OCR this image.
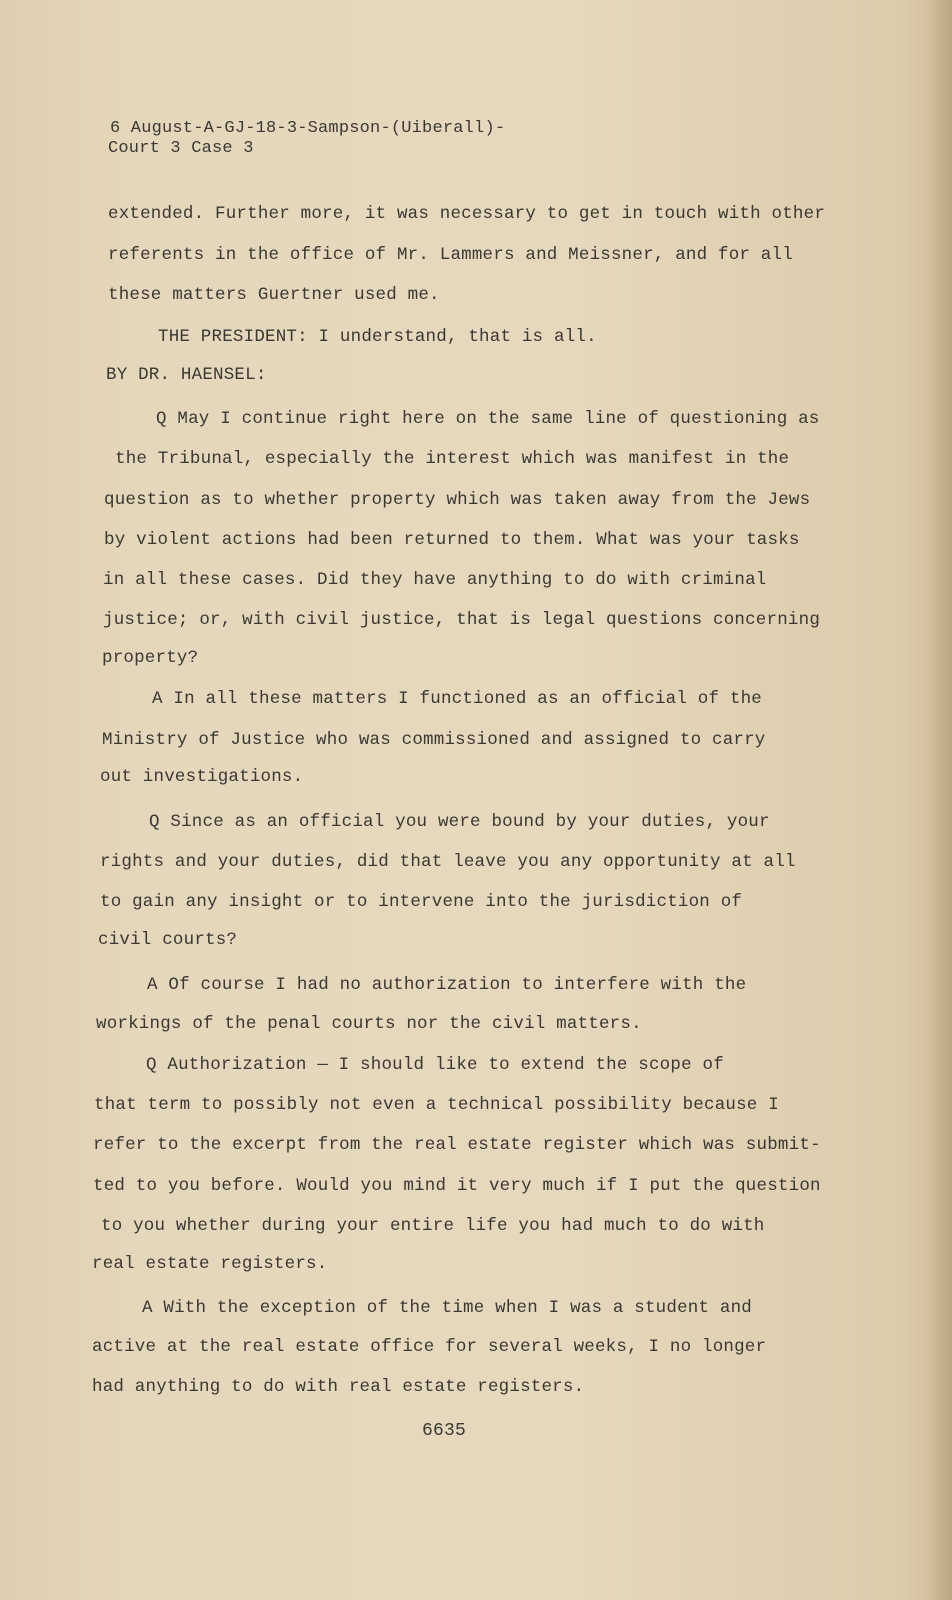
6 August-A-GJ-18-3-Sampson-(Uiberall)-
Court 3 Case 3
extended. Further more, it was necessary to get in touch with other
referents in the office of Mr. Lammers and Meissner, and for all
these matters Guertner used me.
THE PRESIDENT: I understand, that is all.
BY DR. HAENSEL:
Q May I continue right here on the same line of questioning as
the Tribunal, especially the interest which was manifest in the
question as to whether property which was taken away from the Jews
by violent actions had been returned to them. What was your tasks
in all these cases. Did they have anything to do with criminal
justice; or, with civil justice, that is legal questions concerning
property?
A In all these matters I functioned as an official of the
Ministry of Justice who was commissioned and assigned to carry
out investigations.
Q Since as an official you were bound by your duties, your
rights and your duties, did that leave you any opportunity at all
to gain any insight or to intervene into the jurisdiction of
civil courts?
A Of course I had no authorization to interfere with the
workings of the penal courts nor the civil matters.
Q Authorization — I should like to extend the scope of
that term to possibly not even a technical possibility because I
refer to the excerpt from the real estate register which was submit-
ted to you before. Would you mind it very much if I put the question
to you whether during your entire life you had much to do with
real estate registers.
A With the exception of the time when I was a student and
active at the real estate office for several weeks, I no longer
had anything to do with real estate registers.
6635
